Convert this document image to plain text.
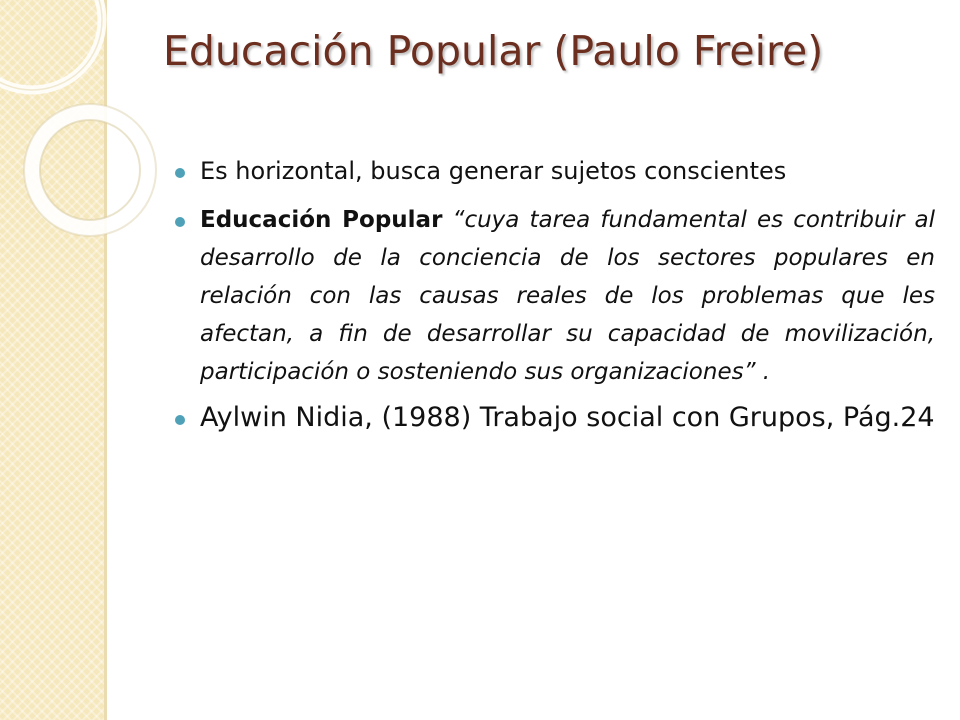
Educación Popular (Paulo Freire)
Es horizontal, busca generar sujetos conscientes
Educación Popular “cuya tarea fundamental es contribuir al desarrollo de la conciencia de los sectores populares en relación con las causas reales de los problemas que les afectan, a fin de desarrollar su capacidad de movilización, participación o sosteniendo sus organizaciones” .
Aylwin Nidia, (1988) Trabajo social con Grupos, Pág.24
